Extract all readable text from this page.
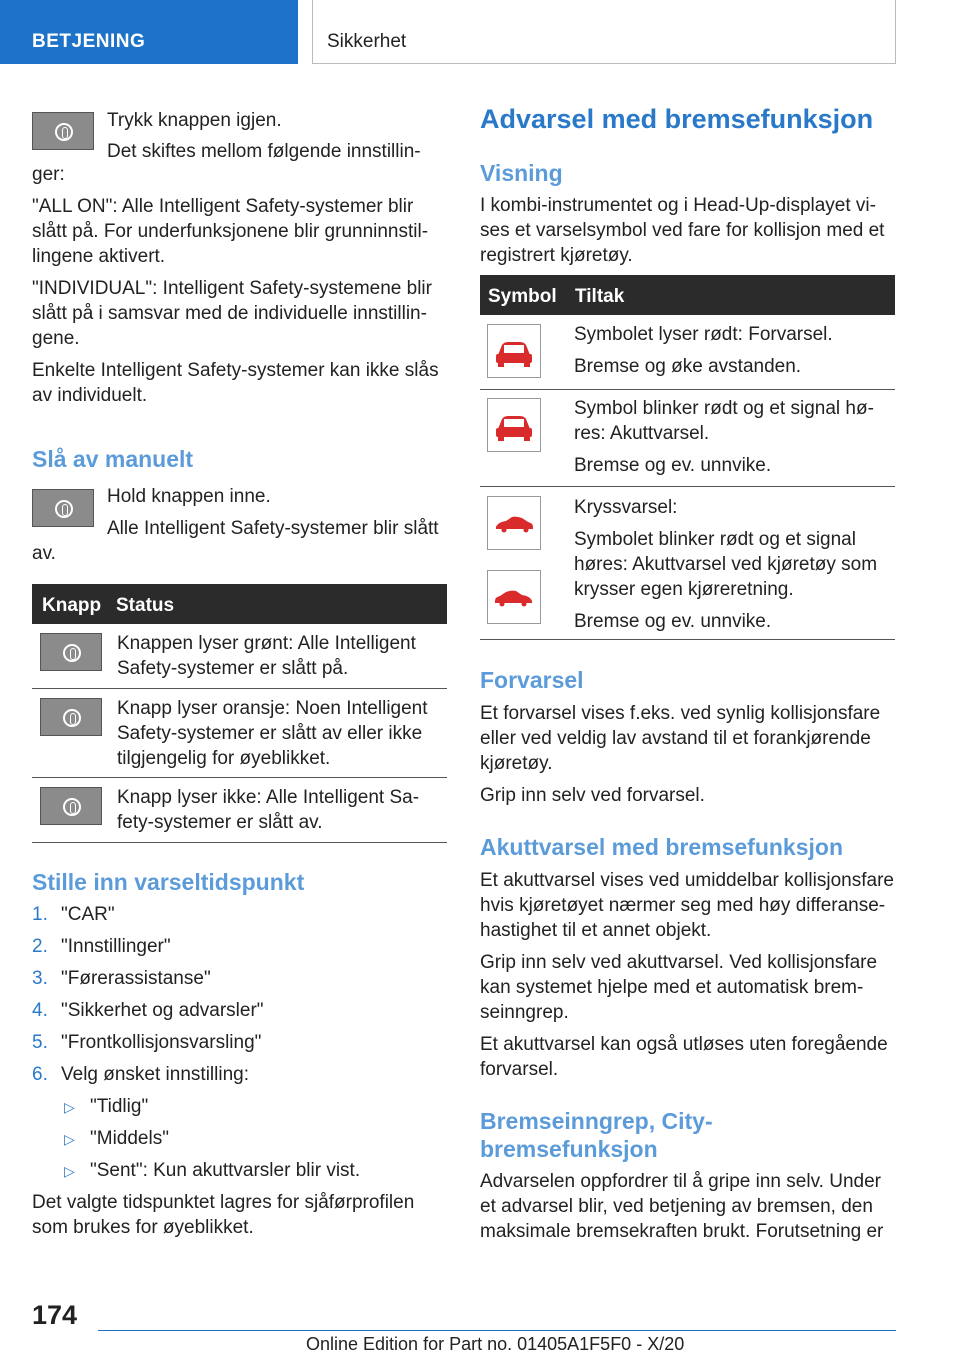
BETJENING	Sikkerhet
Trykk knappen igjen.
Det skiftes mellom følgende innstillin-
ger:
"ALL ON": Alle Intelligent Safety-systemer blir
slått på. For underfunksjonene blir grunninnstil-
lingene aktivert.
"INDIVIDUAL": Intelligent Safety-systemene blir
slått på i samsvar med de individuelle innstillin-
gene.
Enkelte Intelligent Safety-systemer kan ikke slås
av individuelt.
Slå av manuelt
Hold knappen inne.
Alle Intelligent Safety-systemer blir slått
av.
Knapp Status
Knappen lyser grønt: Alle Intelligent
Safety-systemer er slått på.
Knapp lyser oransje: Noen Intelligent
Safety-systemer er slått av eller ikke
tilgjengelig for øyeblikket.
Knapp lyser ikke: Alle Intelligent Sa-
fety-systemer er slått av.
Stille inn varseltidspunkt
1. "CAR"
2. "Innstillinger"
3. "Førerassistanse"
4. "Sikkerhet og advarsler"
5. "Frontkollisjonsvarsling"
6. Velg ønsket innstilling:
▷ "Tidlig"
▷ "Middels"
▷ "Sent": Kun akuttvarsler blir vist.
Det valgte tidspunktet lagres for sjåførprofilen
som brukes for øyeblikket.
Advarsel med bremsefunksjon
Visning
I kombi-instrumentet og i Head-Up-displayet vi-
ses et varselsymbol ved fare for kollisjon med et
registrert kjøretøy.
Symbol Tiltak
Symbolet lyser rødt: Forvarsel.
Bremse og øke avstanden.
Symbol blinker rødt og et signal hø-
res: Akuttvarsel.
Bremse og ev. unnvike.
Kryssvarsel:
Symbolet blinker rødt og et signal
høres: Akuttvarsel ved kjøretøy som
krysser egen kjøreretning.
Bremse og ev. unnvike.
Forvarsel
Et forvarsel vises f.eks. ved synlig kollisjonsfare
eller ved veldig lav avstand til et forankjørende
kjøretøy.
Grip inn selv ved forvarsel.
Akuttvarsel med bremsefunksjon
Et akuttvarsel vises ved umiddelbar kollisjonsfare
hvis kjøretøyet nærmer seg med høy differanse-
hastighet til et annet objekt.
Grip inn selv ved akuttvarsel. Ved kollisjonsfare
kan systemet hjelpe med et automatisk brem-
seinngrep.
Et akuttvarsel kan også utløses uten foregående
forvarsel.
Bremseinngrep, City-
bremsefunksjon
Advarselen oppfordrer til å gripe inn selv. Under
et advarsel blir, ved betjening av bremsen, den
maksimale bremsekraften brukt. Forutsetning er
174
Online Edition for Part no. 01405A1F5F0 - X/20
